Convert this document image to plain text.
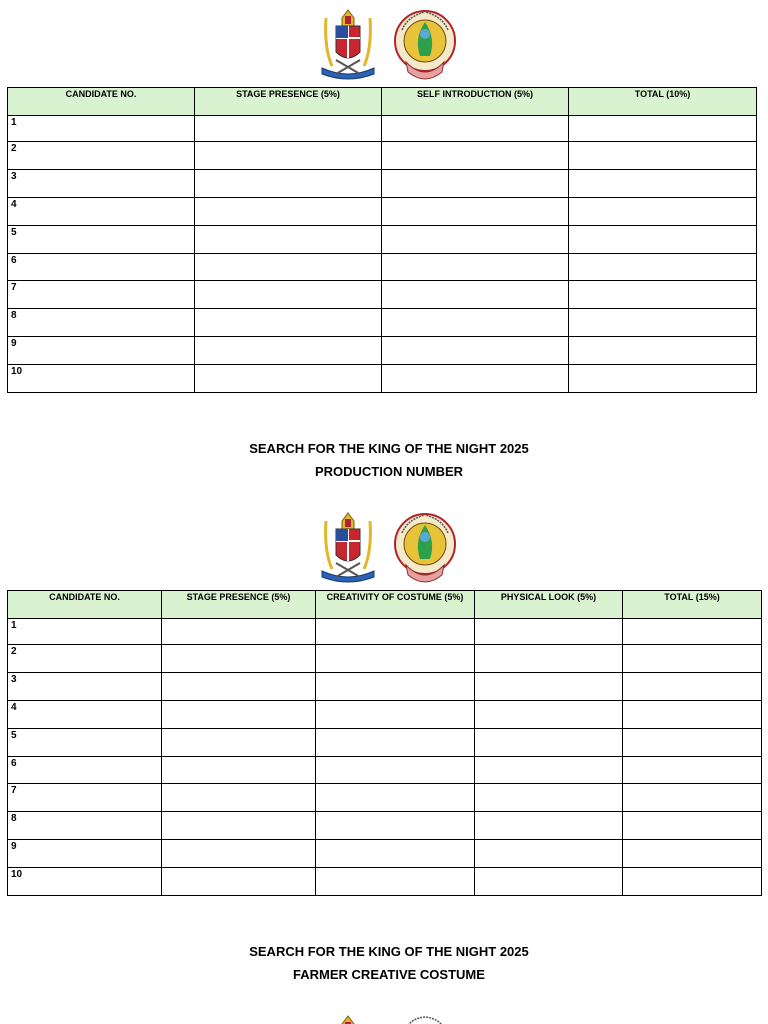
CANDIDATE NO.	STAGE PRESENCE (5%)	SELF INTRODUCTION (5%)	TOTAL (10%)
1			
2			
3			
4			
5			
6			
7			
8			
9			
10			
SEARCH FOR THE KING OF THE NIGHT 2025
PRODUCTION NUMBER
CANDIDATE NO.	STAGE PRESENCE (5%)	CREATIVITY OF COSTUME (5%)	PHYSICAL LOOK (5%)	TOTAL (15%)
1				
2				
3				
4				
5				
6				
7				
8				
9				
10				
SEARCH FOR THE KING OF THE NIGHT 2025
FARMER CREATIVE COSTUME
